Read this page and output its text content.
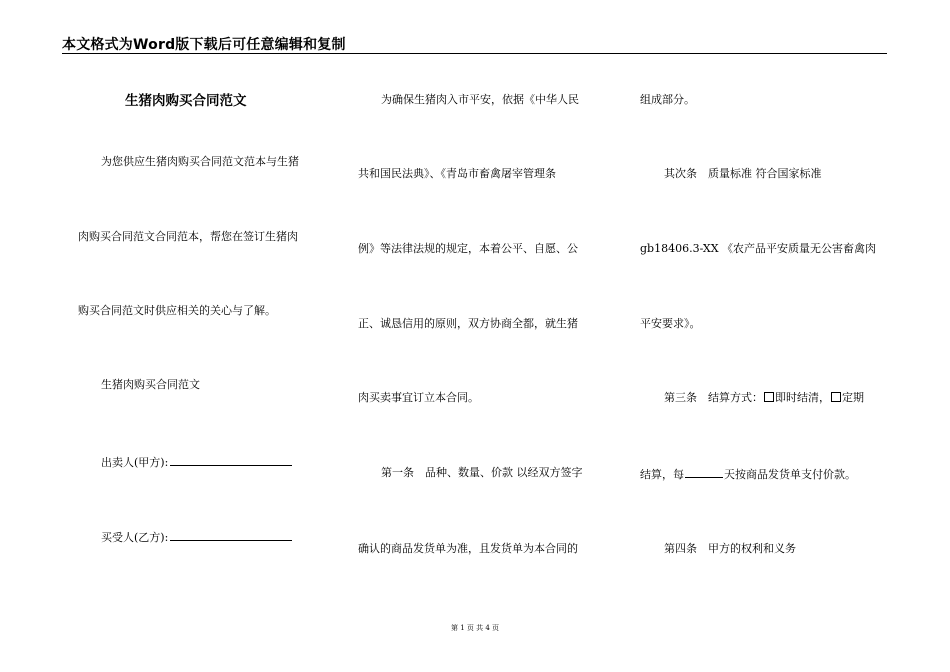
本文格式为Word版下载后可任意编辑和复制
生猪肉购买合同范文
为您供应生猪肉购买合同范文范本与生猪
肉购买合同范文合同范本，帮您在签订生猪肉
购买合同范文时供应相关的关心与了解。
生猪肉购买合同范文
出卖人(甲方):
买受人(乙方):
为确保生猪肉入市平安，依据《中华人民
共和国民法典》、《青岛市畜禽屠宰管理条
例》等法律法规的规定，本着公平、自愿、公
正、诚恳信用的原则，双方协商全都，就生猪
肉买卖事宜订立本合同。
第一条　品种、数量、价款 以经双方签字
确认的商品发货单为准，且发货单为本合同的
组成部分。
其次条　质量标准 符合国家标准
gb18406.3-XX 《农产品平安质量无公害畜禽肉
平安要求》。
第三条　结算方式： 即时结清， 定期
结算，每	天按商品发货单支付价款。
第四条　甲方的权利和义务
第 1 页 共 4 页
